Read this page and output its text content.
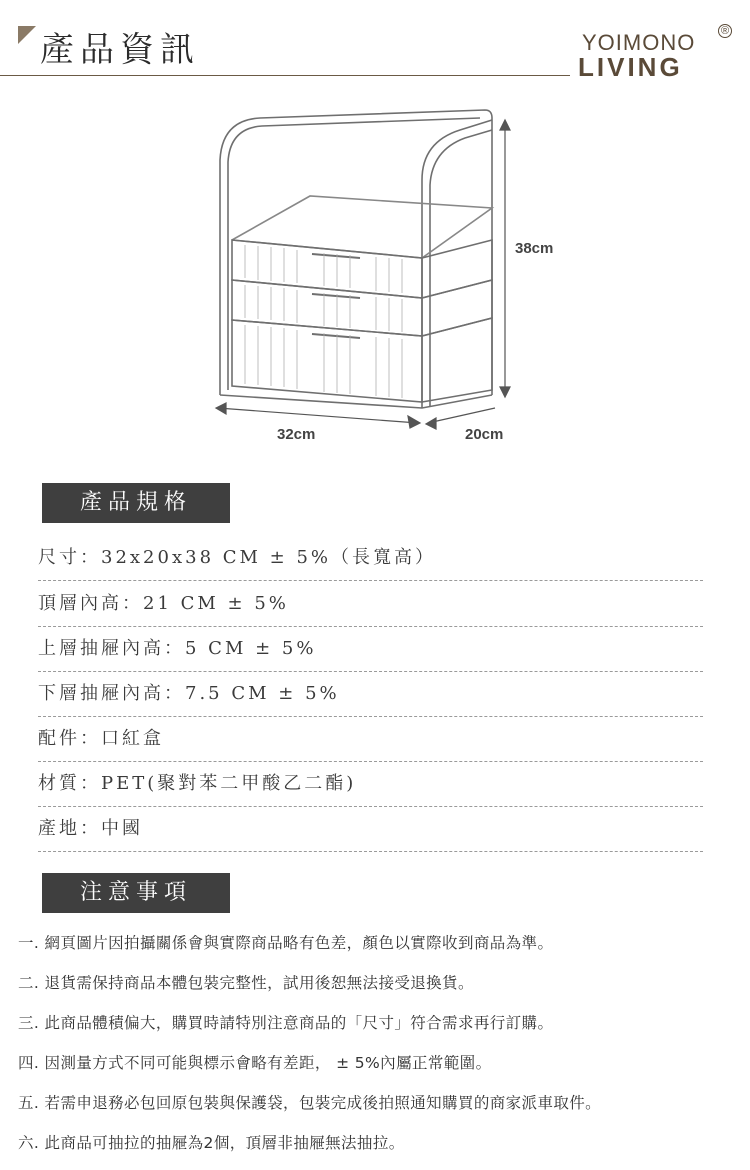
產品資訊	YOIMONO ®
LIVING
38cm
32cm	20cm
產品規格
尺寸：32x20x38 CM ± 5%（長寬高）
頂層內高：21 CM ± 5%
上層抽屜內高：5 CM ± 5%
下層抽屜內高：7.5 CM ± 5%
配件：口紅盒
材質：PET(聚對苯二甲酸乙二酯)
產地：中國
注意事項
一. 網頁圖片因拍攝關係會與實際商品略有色差，顏色以實際收到商品為準。
二. 退貨需保持商品本體包裝完整性，試用後恕無法接受退換貨。
三. 此商品體積偏大，購買時請特別注意商品的「尺寸」符合需求再行訂購。
四. 因測量方式不同可能與標示會略有差距， ± 5%內屬正常範圍。
五. 若需申退務必包回原包裝與保護袋，包裝完成後拍照通知購買的商家派車取件。
六. 此商品可抽拉的抽屜為2個，頂層非抽屜無法抽拉。
